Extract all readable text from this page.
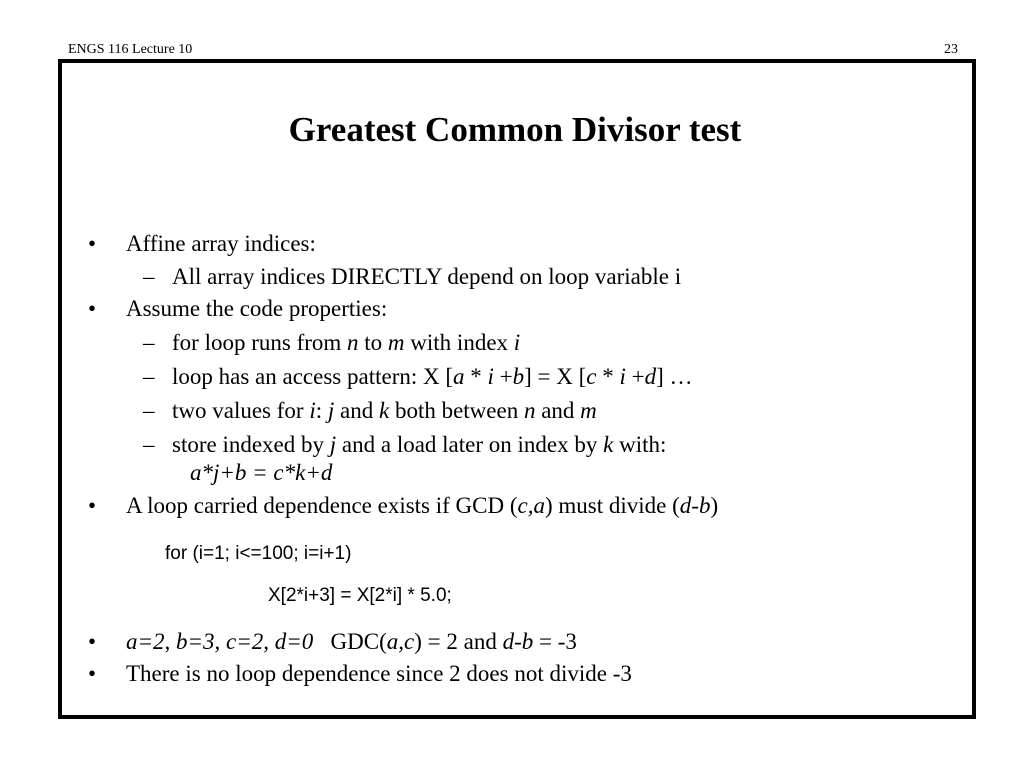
ENGS 116 Lecture 10	23
Greatest Common Divisor test
• Affine array indices:
– All array indices DIRECTLY depend on loop variable i
• Assume the code properties:
– for loop runs from n to m with index i
– loop has an access pattern: X [a * i +b] = X [c * i +d] …
– two values for i: j and k both between n and m
– store indexed by j and a load later on index by k with:
a*j+b = c*k+d
• A loop carried dependence exists if GCD (c,a) must divide (d-b)
for (i=1; i<=100; i=i+1)
X[2*i+3] = X[2*i] * 5.0;
• a=2, b=3, c=2, d=0   GDC(a,c) = 2 and d-b = -3
• There is no loop dependence since 2 does not divide -3
